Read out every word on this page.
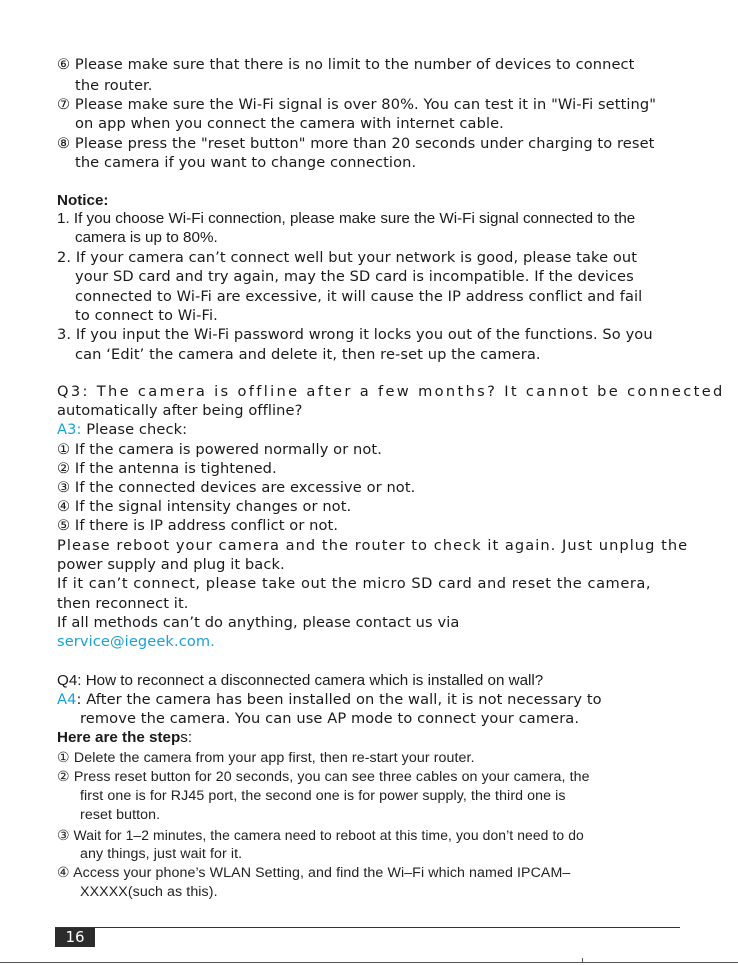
⑥ Please make sure that there is no limit to the number of devices to connect
the router.
⑦ Please make sure the Wi-Fi signal is over 80%. You can test it in "Wi-Fi setting"
on app when you connect the camera with internet cable.
⑧ Please press the "reset button" more than 20 seconds under charging to reset
the camera if you want to change connection.
Notice:
1. If you choose Wi-Fi connection, please make sure the Wi-Fi signal connected to the
camera is up to 80%.
2. If your camera can’t connect well but your network is good, please take out
your SD card and try again, may the SD card is incompatible. If the devices
connected to Wi-Fi are excessive, it will cause the IP address conflict and fail
to connect to Wi-Fi.
3. If you input the Wi-Fi password wrong it locks you out of the functions. So you
can ‘Edit’ the camera and delete it, then re-set up the camera.
Q3: The camera is offline after a few months? It cannot be connected
automatically after being offline?
A3: Please check:
① If the camera is powered normally or not.
② If the antenna is tightened.
③ If the connected devices are excessive or not.
④ If the signal intensity changes or not.
⑤ If there is IP address conflict or not.
Please reboot your camera and the router to check it again. Just unplug the
power supply and plug it back.
If it can’t connect, please take out the micro SD card and reset the camera,
then reconnect it.
If all methods can’t do anything, please contact us via
service@iegeek.com.
Q4: How to reconnect a disconnected camera which is installed on wall?
A4: After the camera has been installed on the wall, it is not necessary to
remove the camera. You can use AP mode to connect your camera.
Here are the steps:
① Delete the camera from your app first, then re-start your router.
② Press reset button for 20 seconds, you can see three cables on your camera, the
first one is for RJ45 port, the second one is for power supply, the third one is
reset button.
③ Wait for 1–2 minutes, the camera need to reboot at this time, you don’t need to do
any things, just wait for it.
④ Access your phone’s WLAN Setting, and find the Wi–Fi which named IPCAM–
XXXXX(such as this).
16
